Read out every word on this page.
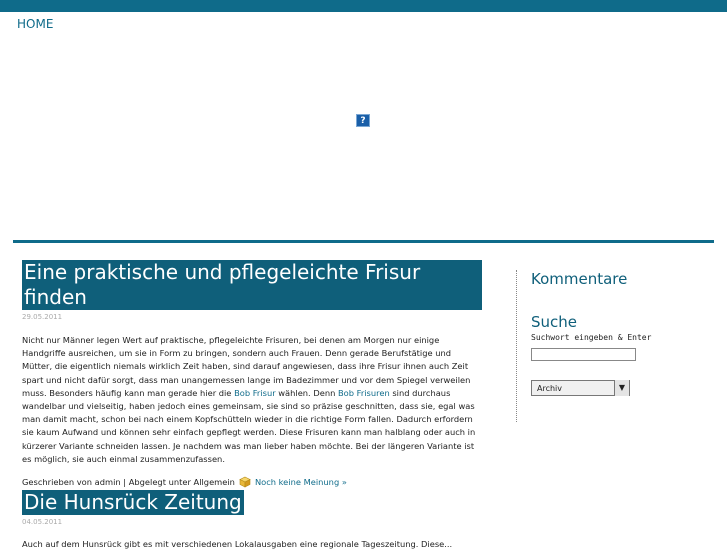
HOME
?
Eine praktische und pflegeleichte Frisur finden
29.05.2011
Nicht nur Männer legen Wert auf praktische, pflegeleichte Frisuren, bei denen am Morgen nur einige
Handgriffe ausreichen, um sie in Form zu bringen, sondern auch Frauen. Denn gerade Berufstätige und
Mütter, die eigentlich niemals wirklich Zeit haben, sind darauf angewiesen, dass ihre Frisur ihnen auch Zeit
spart und nicht dafür sorgt, dass man unangemessen lange im Badezimmer und vor dem Spiegel verweilen
muss. Besonders häufig kann man gerade hier die Bob Frisur wählen. Denn Bob Frisuren sind durchaus
wandelbar und vielseitig, haben jedoch eines gemeinsam, sie sind so präzise geschnitten, dass sie, egal was
man damit macht, schon bei nach einem Kopfschütteln wieder in die richtige Form fallen. Dadurch erfordern
sie kaum Aufwand und können sehr einfach gepflegt werden. Diese Frisuren kann man halblang oder auch in
kürzerer Variante schneiden lassen. Je nachdem was man lieber haben möchte. Bei der längeren Variante ist
es möglich, sie auch einmal zusammenzufassen.
Geschrieben von admin | Abgelegt unter Allgemein Noch keine Meinung »
Die Hunsrück Zeitung
04.05.2011
Auch auf dem Hunsrück gibt es mit verschiedenen Lokalausgaben eine regionale Tageszeitung. Diese...
Kommentare
Suche
Suchwort eingeben & Enter
Archiv	▼
